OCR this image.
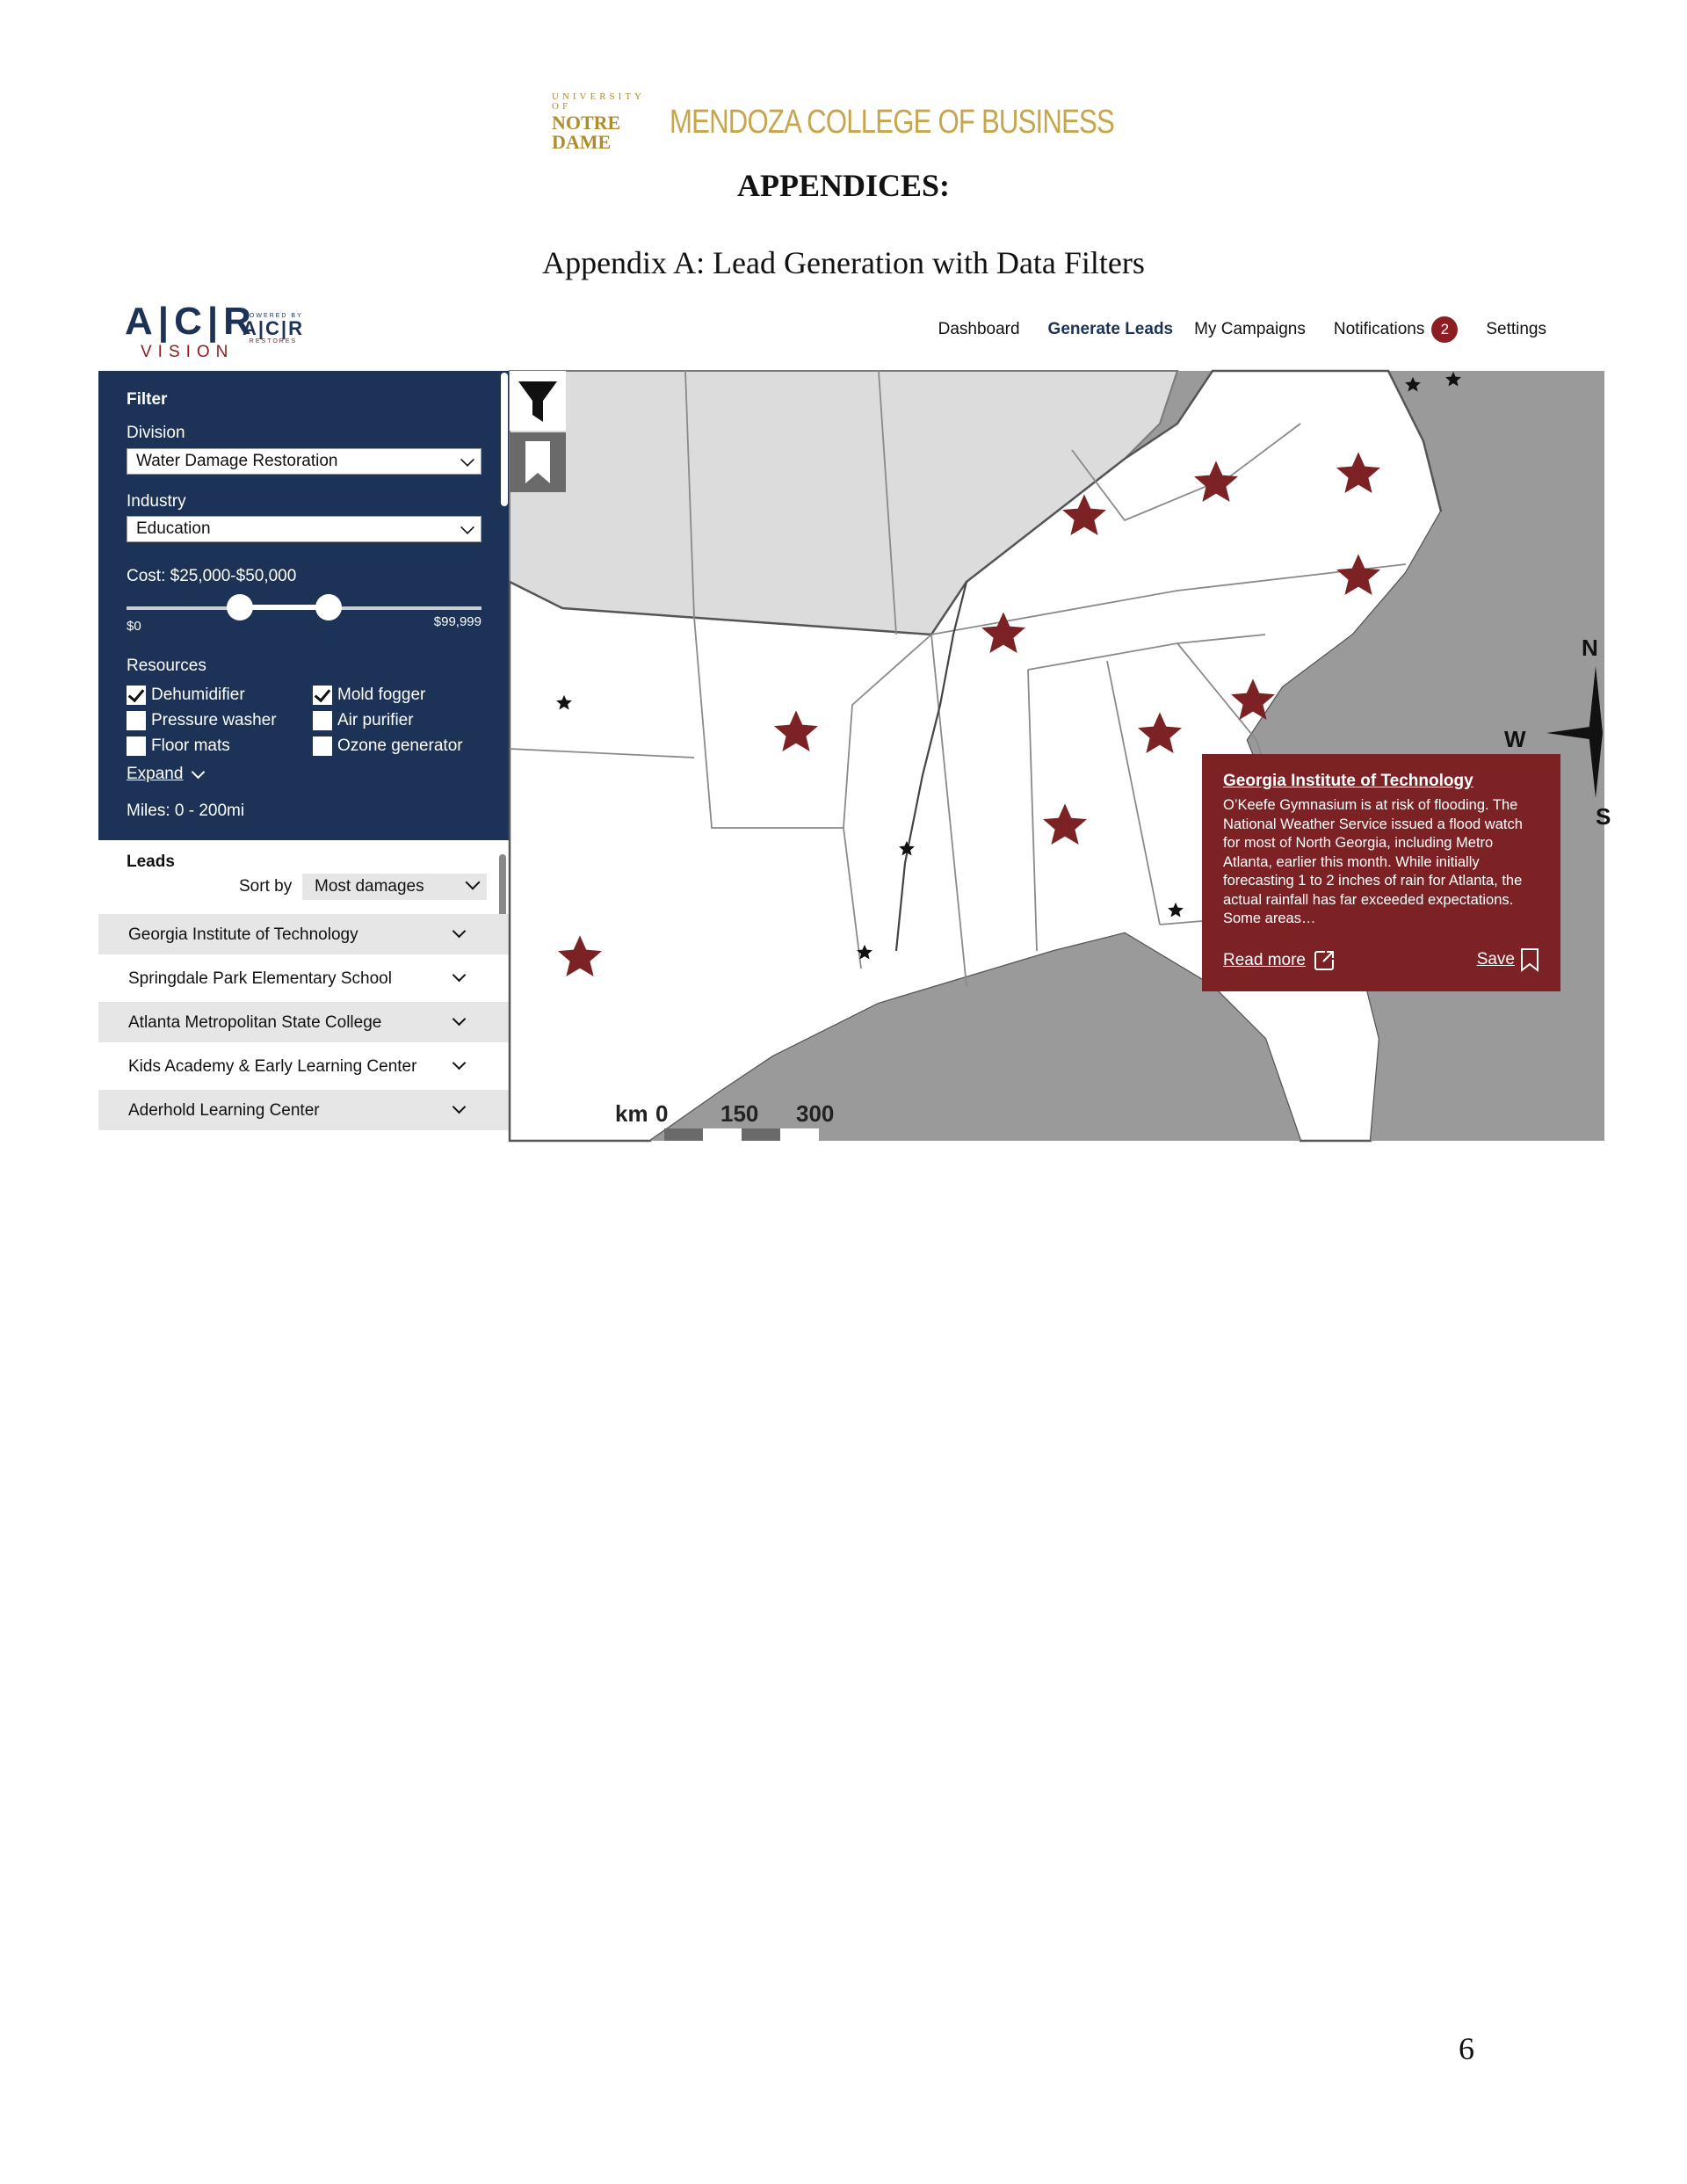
UNIVERSITY OF
NOTRE DAME
MENDOZA COLLEGE OF BUSINESS
APPENDICES:
Appendix A: Lead Generation with Data Filters
A|C|R
VISION
POWERED BY
A|C|R
RESTORES
Dashboard Generate Leads My Campaigns Notifications	2	Settings
Filter
Division
Water Damage Restoration
Industry
Education
Cost: $25,000-$50,000
$0	$99,999
Resources
Dehumidifier
Pressure washer
Floor mats
Mold fogger
Air purifier
Ozone generator
Expand
Miles: 0 - 200mi
Leads
Sort by	Most damages
Georgia Institute of Technology
Springdale Park Elementary School
Atlanta Metropolitan State College
Kids Academy & Early Learning Center
Aderhold Learning Center
N
W
S
km 0 150 300
Georgia Institute of Technology
O’Keefe Gymnasium is at risk of flooding. The National Weather Service issued a flood watch for most of North Georgia, including Metro Atlanta, earlier this month. While initially forecasting 1 to 2 inches of rain for Atlanta, the actual rainfall has far exceeded expectations. Some areas…
Read more	Save
6
